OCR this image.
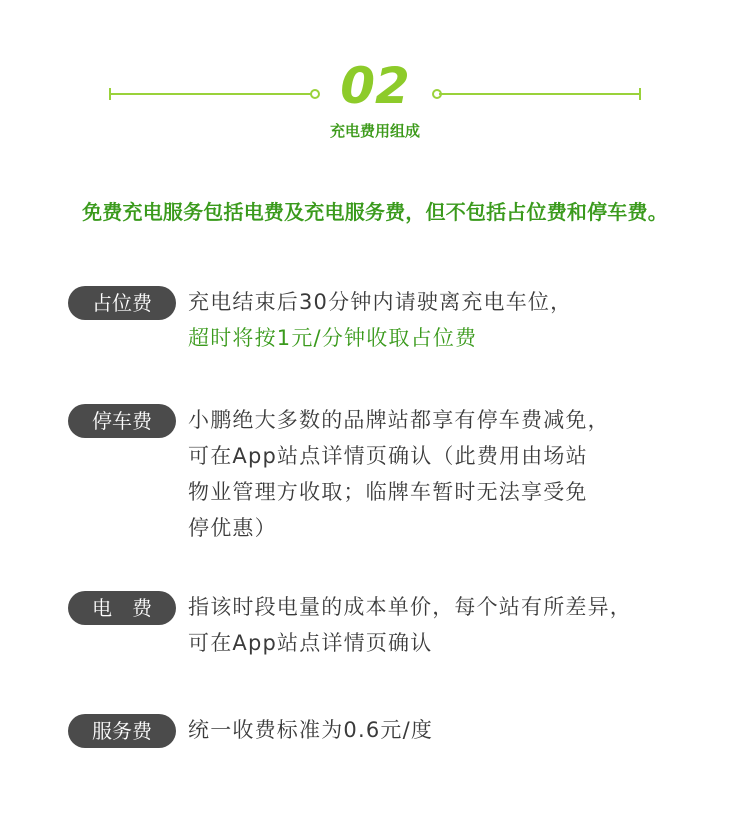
02
充电费用组成
免费充电服务包括电费及充电服务费，但不包括占位费和停车费。
占位费	充电结束后30分钟内请驶离充电车位，
超时将按1元/分钟收取占位费
停车费	小鹏绝大多数的品牌站都享有停车费减免，
可在App站点详情页确认（此费用由场站
物业管理方收取；临牌车暂时无法享受免
停优惠）
电　费	指该时段电量的成本单价，每个站有所差异，
可在App站点详情页确认
服务费	统一收费标准为0.6元/度
